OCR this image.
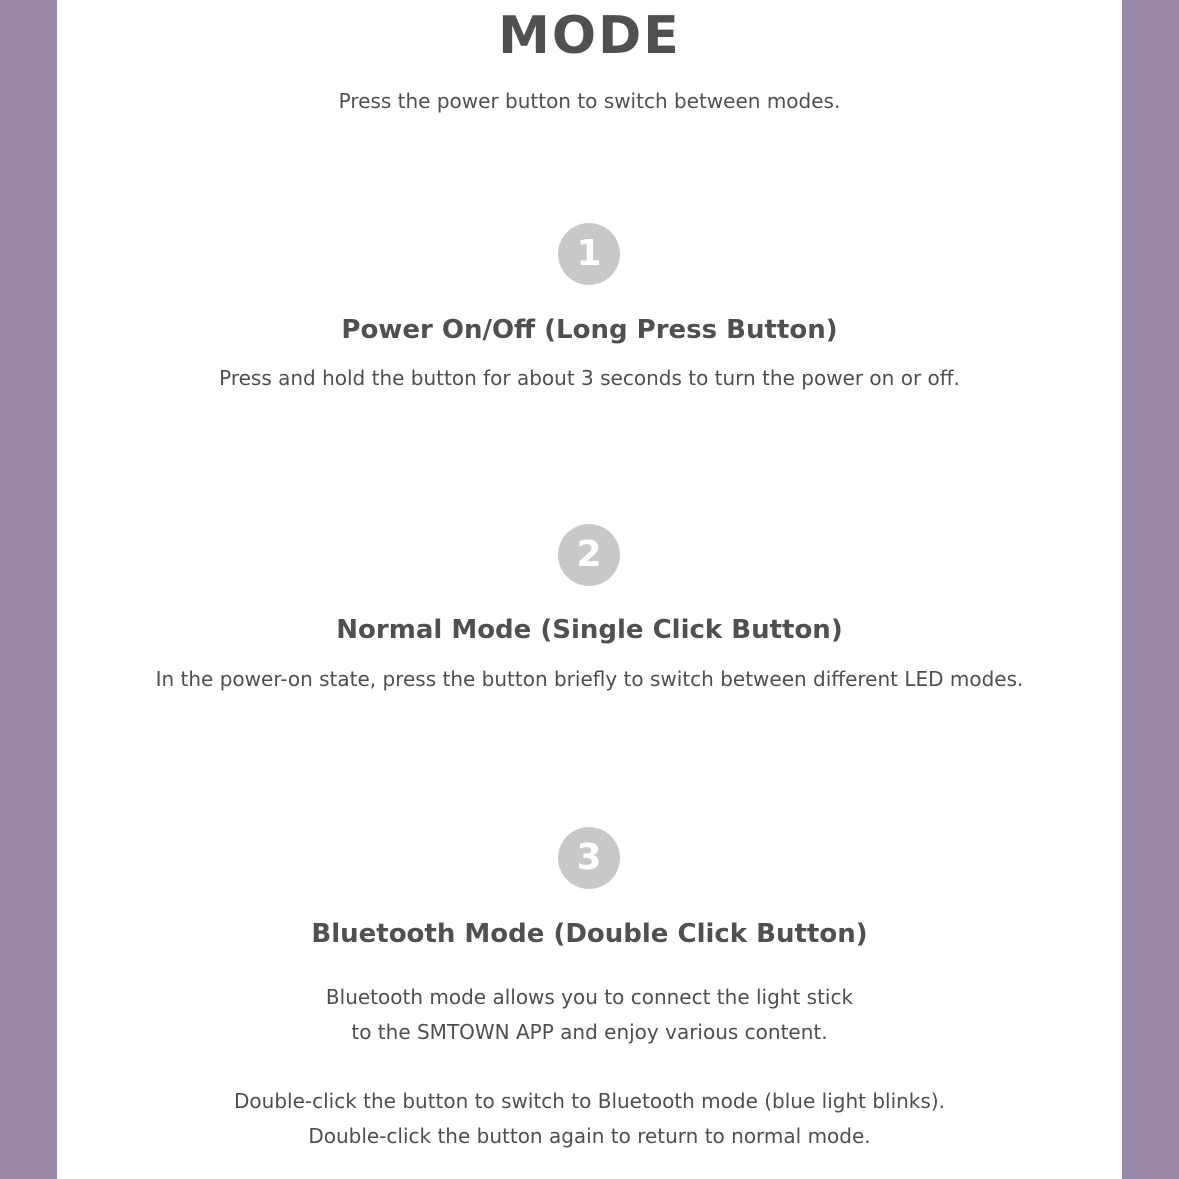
MODE
Press the power button to switch between modes.
1
Power On/Off (Long Press Button)
Press and hold the button for about 3 seconds to turn the power on or off.
2
Normal Mode (Single Click Button)
In the power-on state, press the button briefly to switch between different LED modes.
3
Bluetooth Mode (Double Click Button)
Bluetooth mode allows you to connect the light stick
to the SMTOWN APP and enjoy various content.
Double-click the button to switch to Bluetooth mode (blue light blinks).
Double-click the button again to return to normal mode.
